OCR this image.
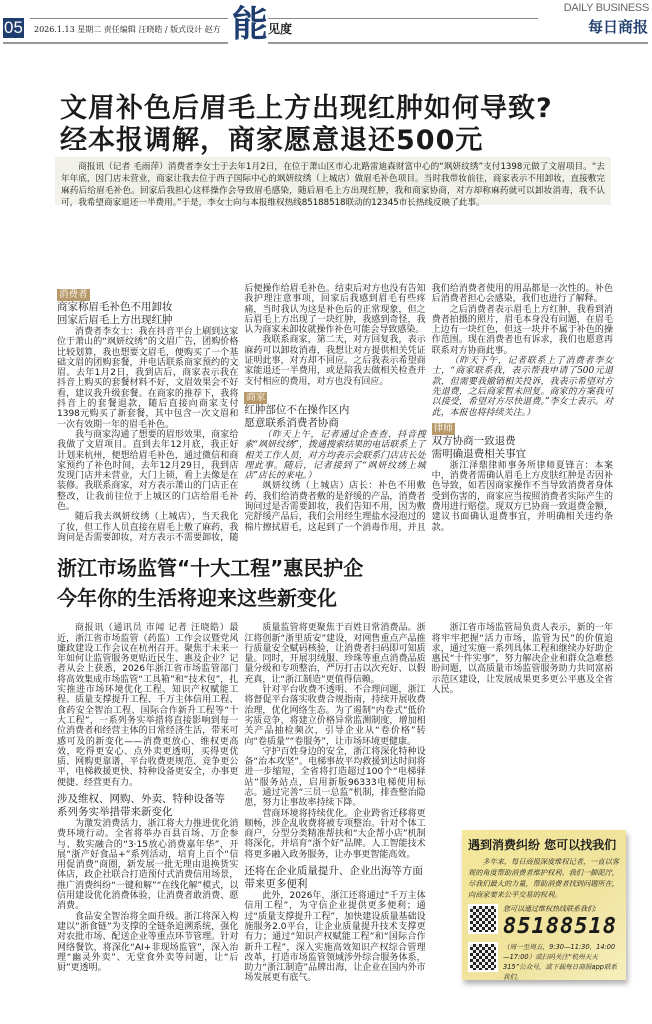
05 2026.1.13 星期二 责任编辑 汪晓皓 / 版式设计 赵方 能 见度
DAILY BUSINESS
每日商报
文眉补色后眉毛上方出现红肿如何导致?
经本报调解，商家愿意退还500元
商报讯（记者 毛雨萍）消费者李女士于去年1月2日，在位于萧山区市心北路雷迪森财富中心的“飒妍纹绣”支付1398元做了文眉项目。“去年年底，因门店未营业，商家让我去位于西子国际中心的飒妍纹绣（上城店）做眉毛补色项目。当时我带妆前往，商家表示不用卸妆，直接敷完麻药后给眉毛补色。回家后我担心这样操作会导致眉毛感染，随后眉毛上方出现红肿，我和商家协商，对方却称麻药就可以卸妆消毒，我不认可，我希望商家退还一半费用。”于是，李女士向与本报维权热线85188518联动的12345市长热线反映了此事。
消费者
商家称眉毛补色不用卸妆
回家后眉毛上方出现红肿

消费者李女士：我在抖音平台上刷到这家位于萧山的“飒妍纹绣”的文眉广告，团购价格比较划算，我也想要文眉毛，便购买了一个基础文眉的团购套餐，并电话联系商家预约的文眉。去年1月2日，我到店后，商家表示我在抖音上购买的套餐材料不好，文眉效果会不好看，建议我升级套餐。在商家的推荐下，我将抖音上的套餐退款，随后直接向商家支付1398元购买了新套餐，其中包含一次文眉和一次有效期一年的眉毛补色。

我与商家沟通了想要的眉形效果，商家给我做了文眉项目。直到去年12月底，我正好计划来杭州，便想给眉毛补色，通过微信和商家预约了补色时间，去年12月29日，我到店发现门店并未营业，大门上锁，看上去像是在装修。我联系商家，对方表示萧山的门店正在整改，让我前往位于上城区的门店给眉毛补色。

随后我去飒妍纹绣（上城店），当天我化了妆，但工作人员直接在眉毛上敷了麻药，我询问是否需要卸妆，对方表示不需要卸妆，随后便操作给眉毛补色。结束后对方也没有告知我护理注意事项，回家后我感到眉毛有些疼痛，当时我认为这是补色后的正常现象，但之后眉毛上方出现了一块红肿，我感到奇怪，我认为商家未卸妆就操作补色可能会导致感染。

我联系商家，第二天，对方回复我，表示麻药可以卸妆消毒，我想让对方提供相关凭证证明此事，对方却不回应。之后我表示希望商家能退还一半费用，或是陪我去做相关检查并支付相应的费用，对方也没有回应。

商家
红肿部位不在操作区内
愿意联系消费者协商

（昨天上午，记者通过企查查、抖音搜索“飒妍纹绣”，拨通搜索结果的电话联系上了相关工作人员，对方均表示会联系门店店长处理此事。随后，记者接到了“飒妍纹绣上城店”店长的来电。）

飒妍纹绣（上城店）店长：补色不用敷药，我们给消费者敷的是舒缓的产品，消费者询问过是否需要卸妆，我们告知不用，因为敷完舒缓产品后，我们会用经生理盐水浸泡过的棉片擦拭眉毛，这起到了一个消毒作用，并且我们给消费者使用的用品都是一次性的。补色后消费者担心会感染，我们也进行了解释。

之后消费者表示眉毛上方红肿，我看到消费者拍摄的照片，眉毛本身没有问题，在眉毛上边有一块红色，但这一块并不属于补色的操作范围。现在消费者也有诉求，我们也愿意再联系对方协商此事。

（昨天下午，记者联系上了消费者李女士，“商家联系我，表示帮我申请了500元退款，但需要我撤销相关投诉，我表示希望对方先退费，之后商家暂未回复。商家的方案我可以接受，希望对方尽快退费。”李女士表示。对此，本报也将持续关注。）

律师
双方协商一致退费
需明确退费相关事宜

浙江泽鼎律师事务所律师夏锋言：本案中，消费者需确认眉毛上方皮肤红肿是否因补色导致，如若因商家操作不当导致消费者身体受到伤害的，商家应当按照消费者实际产生的费用进行赔偿。现双方已协商一致退费金额，建议书面确认退费事宜，并明确相关违约条款。

浙江市场监管“十大工程”惠民护企
今年你的生活将迎来这些新变化

商报讯（通讯员 市闻 记者 汪晓皓）最近，浙江省市场监管（药监）工作会议暨党风廉政建设工作会议在杭州召开。聚焦于未来一年如何让监管服务更贴近民生、惠及企业？记者从会上获悉，2026年浙江省市场监管部门将高效集成市场监管“工具箱”和“技术包”，扎实推进市场环境优化工程、知识产权赋能工程、质量支撑提升工程、千万主体信用工程、食药安全智治工程、国际合作新升工程等“十大工程”，一系列务实举措将直接影响到每一位消费者和经营主体的日常经济生活，带来可感可及的新变化——消费更放心、维权更高效，吃得更安心、点外卖更透明，买得更优质、网购更靠谱，平台收费更规范、竞争更公平，电梯救援更快、特种设备更安全，办事更便捷、经营更有力。

涉及维权、网购、外卖、特种设备等
系列务实举措带来新变化

为激发消费活力，浙江将大力推进优化消费环境行动。全省将举办百县百场、万企参与、数实融合的“3·15放心消费嘉年华”，开展“浙产好食品+”系列活动，培育上百个“信用促消费”商圈，新发展一批无理由退换货实体店，政企社联合打造预付式消费信用场景，推广消费纠纷“一键和解”“在线化解”模式，以信用建设优化消费体验，让消费者敢消费、愿消费。

食品安全智治将全面升级。浙江将深入构建以“浙食链”为支撑的全链条追溯系统，强化对农批市场、配送企业等重点环节管理。针对网络餐饮，将深化“AI+非现场监管”，深入治理“幽灵外卖”、无堂食外卖等问题，让“后厨”更透明。

质量监管将更聚焦于百姓日常消费品。浙江将创新“浙里质安”建设，对网售重点产品推行质量安全赋码核验，让消费者扫码即可知质量。同时，开展羽绒服、珍珠等重点消费品质量分级和专项整治，严厉打击以次充好、以假充真，让“浙江制造”更值得信赖。

针对平台收费不透明、不合理问题，浙江将督促平台落实收费合规指南，持续开展收费治理，优化网络生态。为了遏制“内卷式”低价劣质竞争，将建立价格异常监测制度，增加相关产品抽检频次，引导企业从“卷价格”转向“卷质量”“卷服务”，让市场环境更健康。

守护百姓身边的安全，浙江将深化特种设备“治本攻坚”。电梯事故平均救援到达时间将进一步缩短，全省将打造超过100个“电梯驿站”服务站点，启用新版96333电梯使用标志。通过完善“三员一总监”机制，排查整治隐患，努力让事故率持续下降。

营商环境将持续优化。企业跨省迁移将更顺畅，涉企乱收费将被专项整治。针对个体工商户，分型分类精准帮扶和“大企帮小店”机制将深化，并培育“浙个好”品牌。人工智能技术将更多融入政务服务，让办事更智能高效。

还将在企业质量提升、企业出海等方面
带来更多便利

此外，2026年，浙江还将通过“千万主体信用工程”，为守信企业提供更多便利；通过“质量支撑提升工程”，加快建设质量基础设施服务2.0平台，让企业质量提升技术支撑更有力；通过“知识产权赋能工程”和“国际合作新升工程”，深入实施高效知识产权综合管理改革，打造市场监管领域涉外综合服务体系，助力“浙江制造”品牌出海，让企业在国内外市场发展更有底气。

浙江省市场监管局负责人表示，新的一年将牢牢把握“活力市场，监管为民”的价值追求，通过实施一系列具体工程和继续办好助企惠民“十件实事”，努力解决企业和群众急难愁盼问题，以高质量市场监管服务助力共同富裕示范区建设，让发展成果更多更公平惠及全省人民。

遇到消费纠纷 您可以找我们
多年来，每日商报深度维权记者，一直以客观的角度帮助消费者维护权利。我们一脚泥泞，尽我们最大的力量，帮助消费者找到问题所在，向商家要来公平交易的权利。
您可以通过维权热线联系我们:
85188518
（周一至周五，9:30—11:30，14:00—17:00）或扫码关注“杭州天天315”公众号，或下载每日商报app联系我们。
